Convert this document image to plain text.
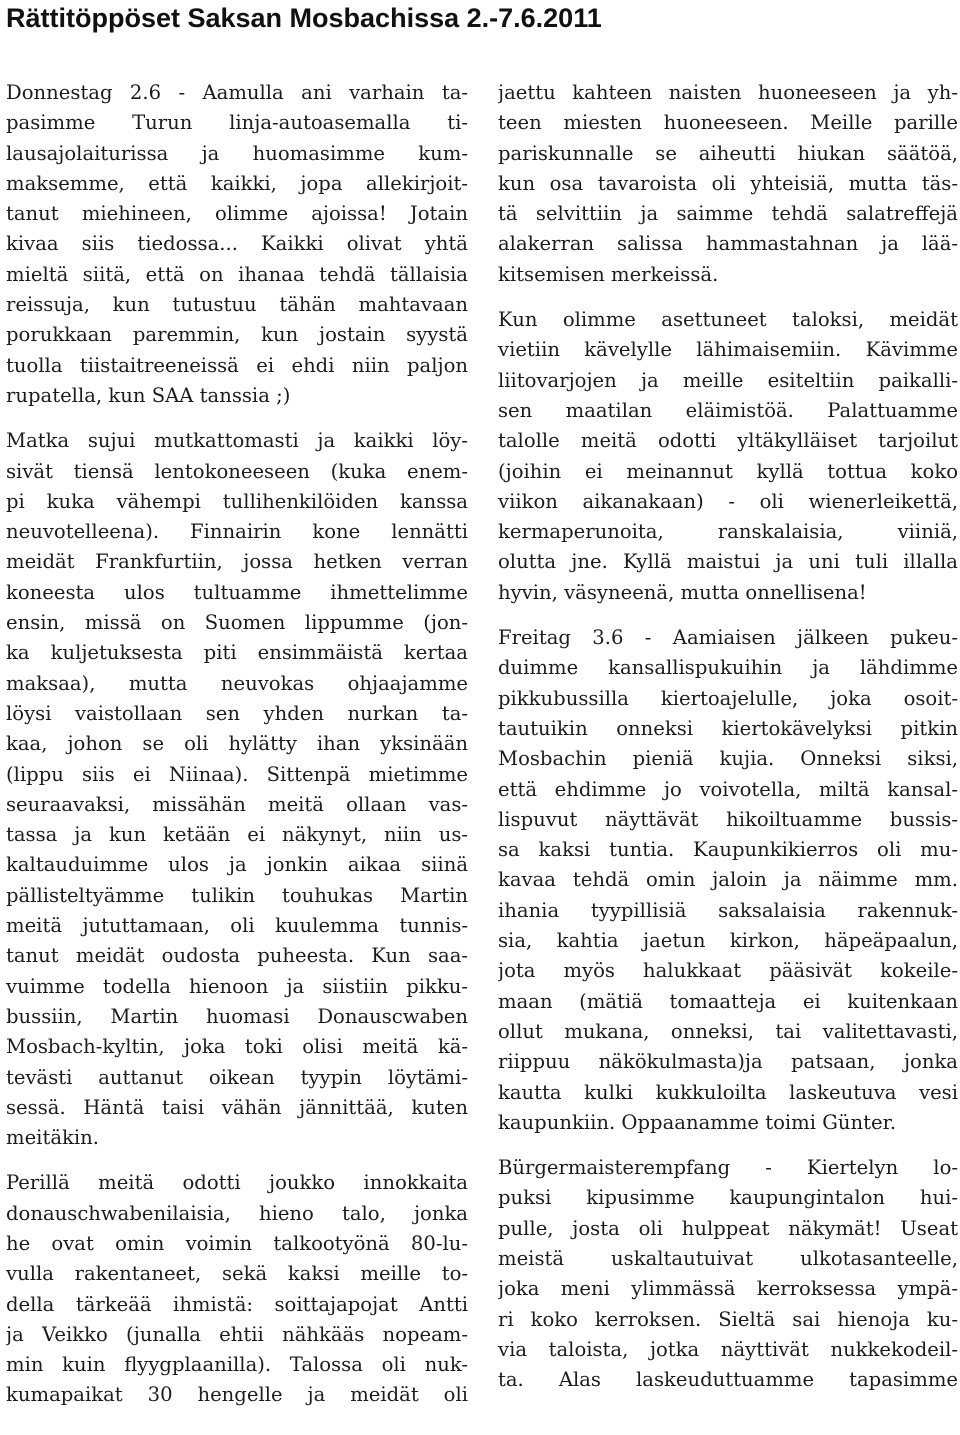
Rättitöppöset Saksan Mosbachissa 2.-7.6.2011

Donnestag 2.6 - Aamulla ani varhain ta-
pasimme Turun linja-autoasemalla ti-
lausajolaiturissa ja huomasimme kum-
maksemme, että kaikki, jopa allekirjoit-
tanut miehineen, olimme ajoissa! Jotain
kivaa siis tiedossa... Kaikki olivat yhtä
mieltä siitä, että on ihanaa tehdä tällaisia
reissuja, kun tutustuu tähän mahtavaan
porukkaan paremmin, kun jostain syystä
tuolla tiistaitreeneissä ei ehdi niin paljon
rupatella, kun SAA tanssia ;)

Matka sujui mutkattomasti ja kaikki löy-
sivät tiensä lentokoneeseen (kuka enem-
pi kuka vähempi tullihenkilöiden kanssa
neuvotelleena). Finnairin kone lennätti
meidät Frankfurtiin, jossa hetken verran
koneesta ulos tultuamme ihmettelimme
ensin, missä on Suomen lippumme (jon-
ka kuljetuksesta piti ensimmäistä kertaa
maksaa), mutta neuvokas ohjaajamme
löysi vaistollaan sen yhden nurkan ta-
kaa, johon se oli hylätty ihan yksinään
(lippu siis ei Niinaa). Sittenpä mietimme
seuraavaksi, missähän meitä ollaan vas-
tassa ja kun ketään ei näkynyt, niin us-
kaltauduimme ulos ja jonkin aikaa siinä
pällisteltyämme tulikin touhukas Martin
meitä jututtamaan, oli kuulemma tunnis-
tanut meidät oudosta puheesta. Kun saa-
vuimme todella hienoon ja siistiin pikku-
bussiin, Martin huomasi Donauscwaben
Mosbach-kyltin, joka toki olisi meitä kä-
tevästi auttanut oikean tyypin löytämi-
sessä. Häntä taisi vähän jännittää, kuten
meitäkin.

Perillä meitä odotti joukko innokkaita
donauschwabenilaisia, hieno talo, jonka
he ovat omin voimin talkootyönä 80-lu-
vulla rakentaneet, sekä kaksi meille to-
della tärkeää ihmistä: soittajapojat Antti
ja Veikko (junalla ehtii nähkääs nopeam-
min kuin flyygplaanilla). Talossa oli nuk-
kumapaikat 30 hengelle ja meidät oli

jaettu kahteen naisten huoneeseen ja yh-
teen miesten huoneeseen. Meille parille
pariskunnalle se aiheutti hiukan säätöä,
kun osa tavaroista oli yhteisiä, mutta täs-
tä selvittiin ja saimme tehdä salatreffejä
alakerran salissa hammastahnan ja lää-
kitsemisen merkeissä.

Kun olimme asettuneet taloksi, meidät
vietiin kävelylle lähimaisemiin. Kävimme
liitovarjojen ja meille esiteltiin paikalli-
sen maatilan eläimistöä. Palattuamme
talolle meitä odotti yltäkylläiset tarjoilut
(joihin ei meinannut kyllä tottua koko
viikon aikanakaan) - oli wienerleikettä,
kermaperunoita, ranskalaisia, viiniä,
olutta jne. Kyllä maistui ja uni tuli illalla
hyvin, väsyneenä, mutta onnellisena!

Freitag 3.6 - Aamiaisen jälkeen pukeu-
duimme kansallispukuihin ja lähdimme
pikkubussilla kiertoajelulle, joka osoit-
tautuikin onneksi kiertokävelyksi pitkin
Mosbachin pieniä kujia. Onneksi siksi,
että ehdimme jo voivotella, miltä kansal-
lispuvut näyttävät hikoiltuamme bussis-
sa kaksi tuntia. Kaupunkikierros oli mu-
kavaa tehdä omin jaloin ja näimme mm.
ihania tyypillisiä saksalaisia rakennuk-
sia, kahtia jaetun kirkon, häpeäpaalun,
jota myös halukkaat pääsivät kokeile-
maan (mätiä tomaatteja ei kuitenkaan
ollut mukana, onneksi, tai valitettavasti,
riippuu näkökulmasta)ja patsaan, jonka
kautta kulki kukkuloilta laskeutuva vesi
kaupunkiin. Oppaanamme toimi Günter.

Bürgermaisterempfang - Kiertelyn lo-
puksi kipusimme kaupungintalon hui-
pulle, josta oli hulppeat näkymät! Useat
meistä uskaltautuivat ulkotasanteelle,
joka meni ylimmässä kerroksessa ympä-
ri koko kerroksen. Sieltä sai hienoja ku-
via taloista, jotka näyttivät nukkekodeil-
ta. Alas laskeuduttuamme tapasimme
